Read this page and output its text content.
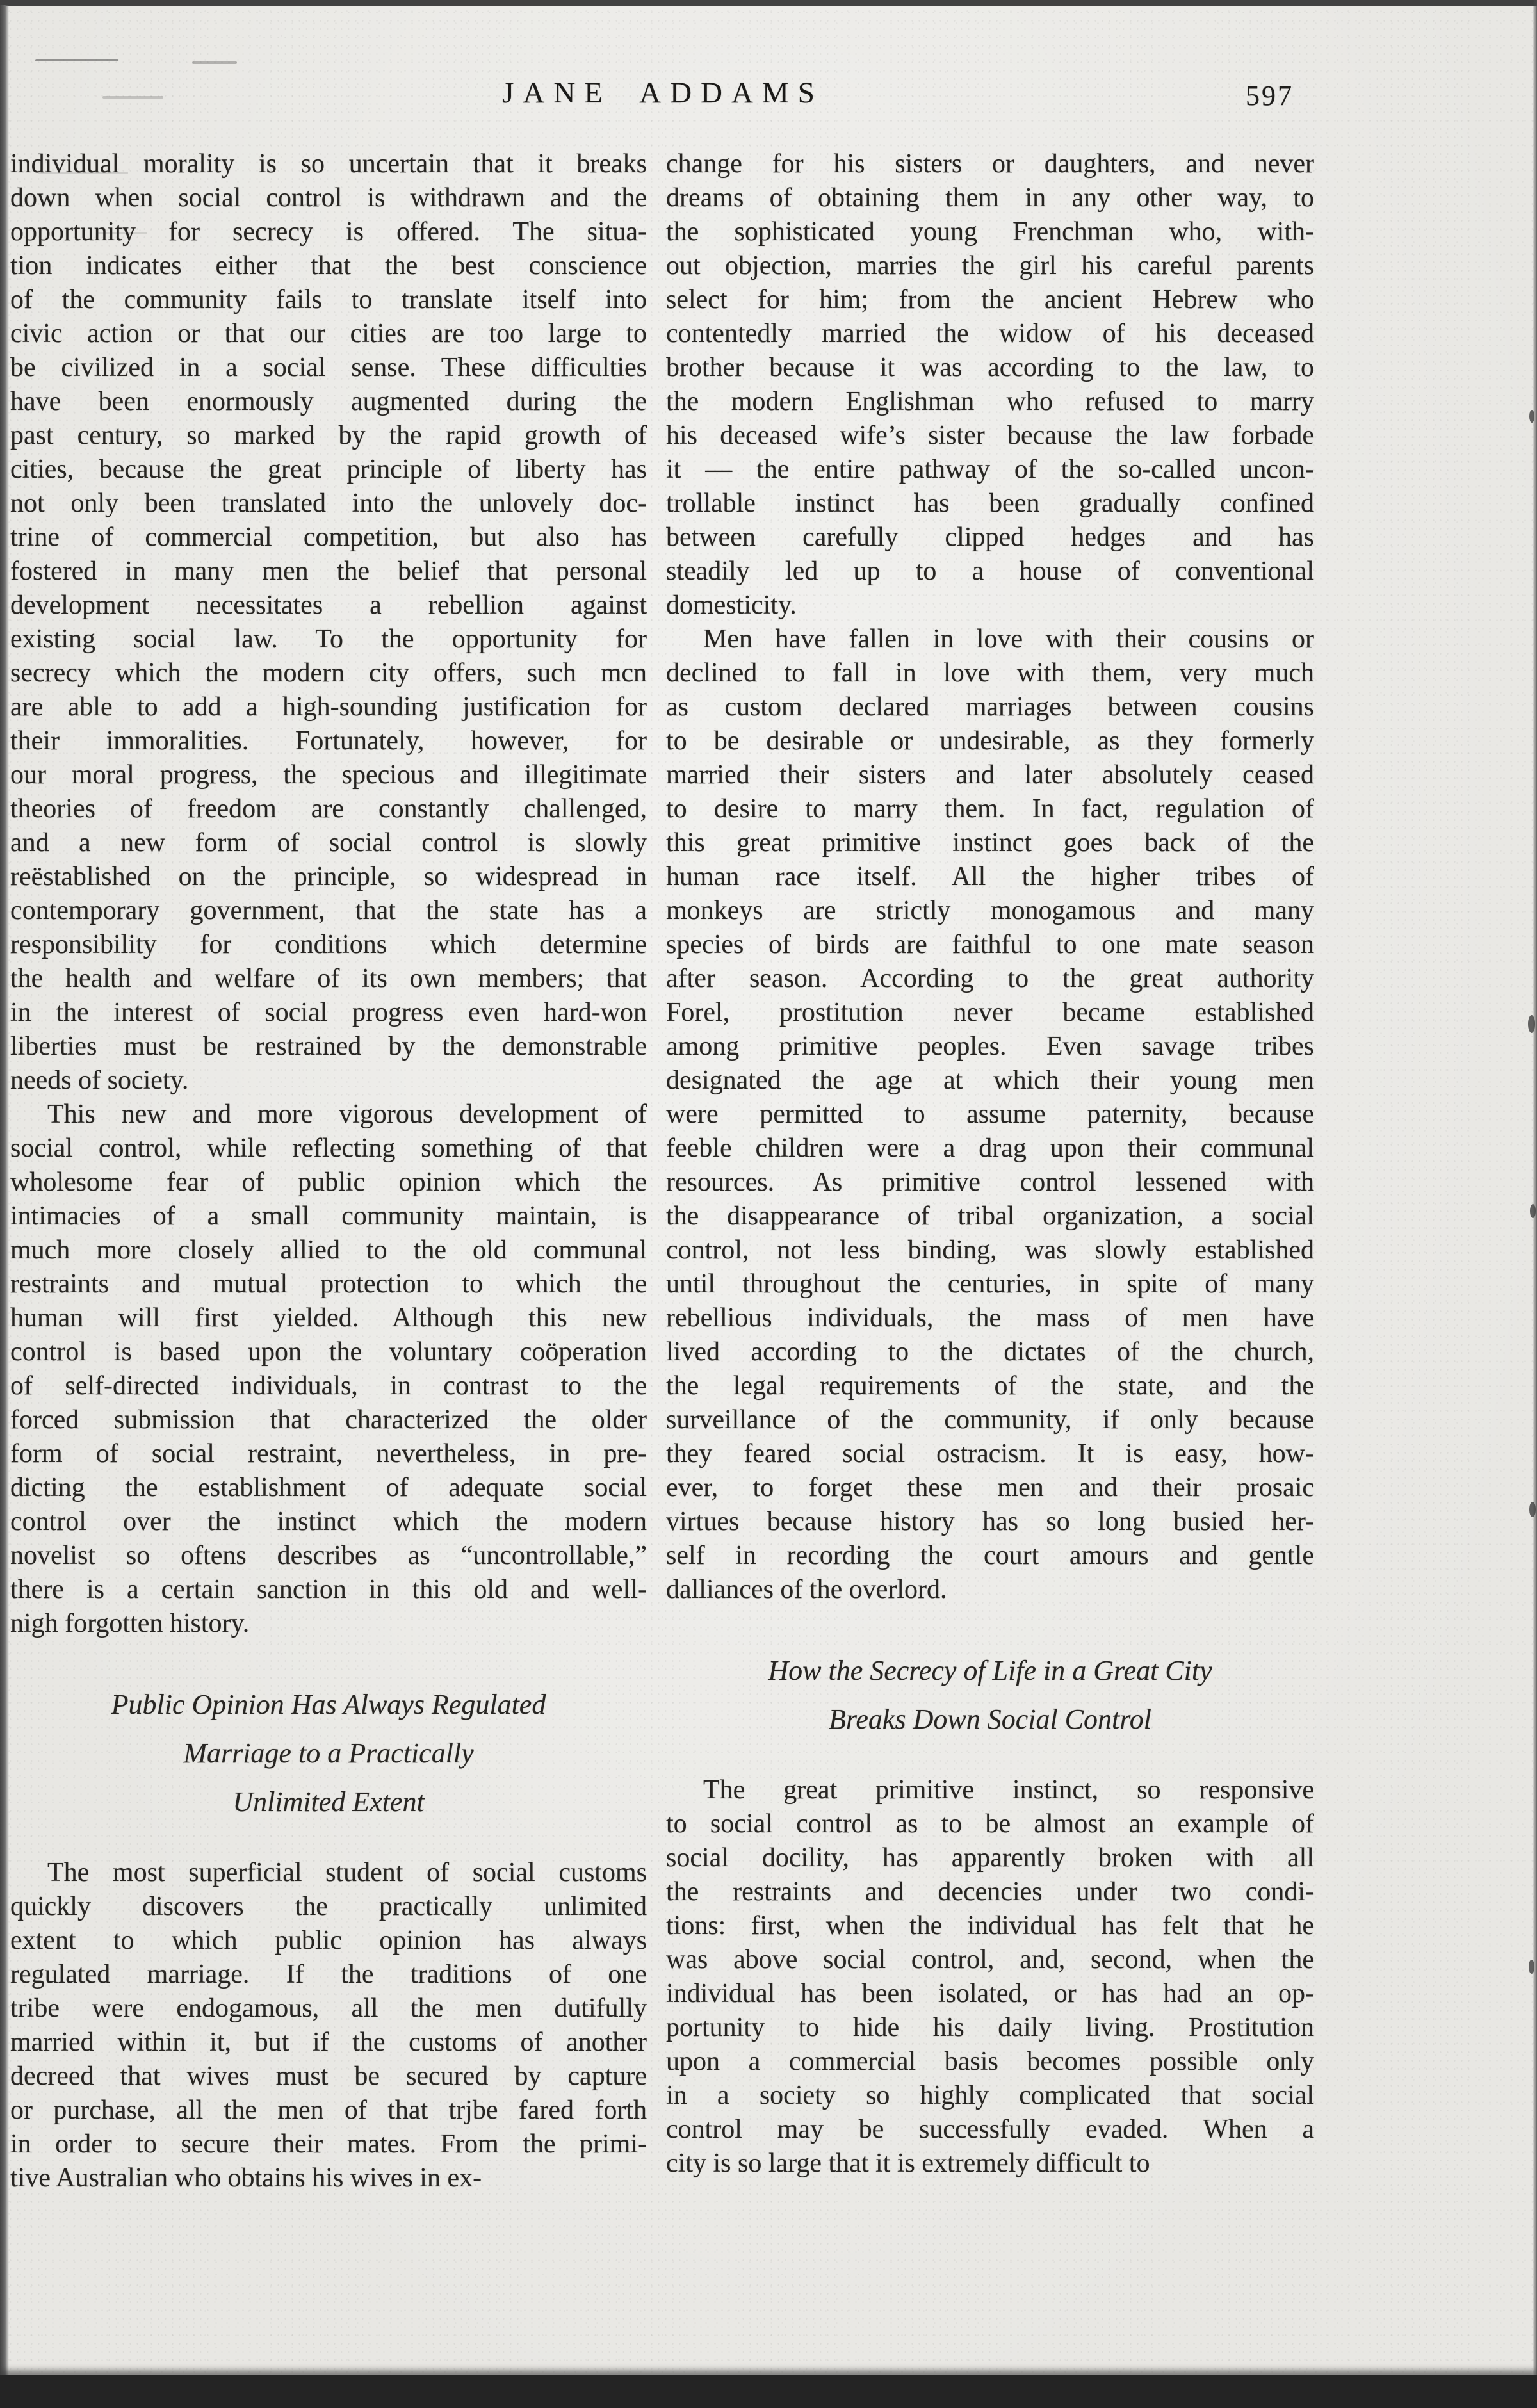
JANE ADDAMS	597
individual morality is so uncertain that it breaks
down when social control is withdrawn and the
opportunity for secrecy is offered. The situa-
tion indicates either that the best conscience
of the community fails to translate itself into
civic action or that our cities are too large to
be civilized in a social sense. These difficulties
have been enormously augmented during the
past century, so marked by the rapid growth of
cities, because the great principle of liberty has
not only been translated into the unlovely doc-
trine of commercial competition, but also has
fostered in many men the belief that personal
development necessitates a rebellion against
existing social law. To the opportunity for
secrecy which the modern city offers, such mcn
are able to add a high-sounding justification for
their immoralities. Fortunately, however, for
our moral progress, the specious and illegitimate
theories of freedom are constantly challenged,
and a new form of social control is slowly
reëstablished on the principle, so widespread in
contemporary government, that the state has a
responsibility for conditions which determine
the health and welfare of its own members; that
in the interest of social progress even hard-won
liberties must be restrained by the demonstrable
needs of society.
This new and more vigorous development of
social control, while reflecting something of that
wholesome fear of public opinion which the
intimacies of a small community maintain, is
much more closely allied to the old communal
restraints and mutual protection to which the
human will first yielded. Although this new
control is based upon the voluntary coöperation
of self-directed individuals, in contrast to the
forced submission that characterized the older
form of social restraint, nevertheless, in pre-
dicting the establishment of adequate social
control over the instinct which the modern
novelist so oftens describes as “uncontrollable,”
there is a certain sanction in this old and well-
nigh forgotten history.
Public Opinion Has Always Regulated
Marriage to a Practically
Unlimited Extent
The most superficial student of social customs
quickly discovers the practically unlimited
extent to which public opinion has always
regulated marriage. If the traditions of one
tribe were endogamous, all the men dutifully
married within it, but if the customs of another
decreed that wives must be secured by capture
or purchase, all the men of that trjbe fared forth
in order to secure their mates. From the primi-
tive Australian who obtains his wives in ex-
change for his sisters or daughters, and never
dreams of obtaining them in any other way, to
the sophisticated young Frenchman who, with-
out objection, marries the girl his careful parents
select for him; from the ancient Hebrew who
contentedly married the widow of his deceased
brother because it was according to the law, to
the modern Englishman who refused to marry
his deceased wife’s sister because the law forbade
it — the entire pathway of the so-called uncon-
trollable instinct has been gradually confined
between carefully clipped hedges and has
steadily led up to a house of conventional
domesticity.
Men have fallen in love with their cousins or
declined to fall in love with them, very much
as custom declared marriages between cousins
to be desirable or undesirable, as they formerly
married their sisters and later absolutely ceased
to desire to marry them. In fact, regulation of
this great primitive instinct goes back of the
human race itself. All the higher tribes of
monkeys are strictly monogamous and many
species of birds are faithful to one mate season
after season. According to the great authority
Forel, prostitution never became established
among primitive peoples. Even savage tribes
designated the age at which their young men
were permitted to assume paternity, because
feeble children were a drag upon their communal
resources. As primitive control lessened with
the disappearance of tribal organization, a social
control, not less binding, was slowly established
until throughout the centuries, in spite of many
rebellious individuals, the mass of men have
lived according to the dictates of the church,
the legal requirements of the state, and the
surveillance of the community, if only because
they feared social ostracism. It is easy, how-
ever, to forget these men and their prosaic
virtues because history has so long busied her-
self in recording the court amours and gentle
dalliances of the overlord.
How the Secrecy of Life in a Great City
Breaks Down Social Control
The great primitive instinct, so responsive
to social control as to be almost an example of
social docility, has apparently broken with all
the restraints and decencies under two condi-
tions: first, when the individual has felt that he
was above social control, and, second, when the
individual has been isolated, or has had an op-
portunity to hide his daily living. Prostitution
upon a commercial basis becomes possible only
in a society so highly complicated that social
control may be successfully evaded. When a
city is so large that it is extremely difficult to
